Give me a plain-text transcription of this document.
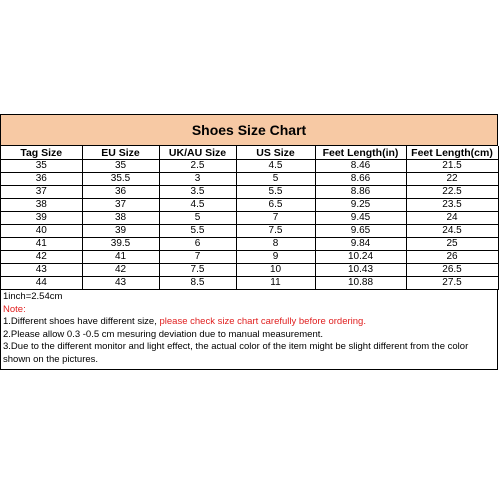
Shoes Size Chart
Tag Size	EU Size	UK/AU Size	US Size	Feet Length(in)	Feet Length(cm)
35	35	2.5	4.5	8.46	21.5
36	35.5	3	5	8.66	22
37	36	3.5	5.5	8.86	22.5
38	37	4.5	6.5	9.25	23.5
39	38	5	7	9.45	24
40	39	5.5	7.5	9.65	24.5
41	39.5	6	8	9.84	25
42	41	7	9	10.24	26
43	42	7.5	10	10.43	26.5
44	43	8.5	11	10.88	27.5
1inch=2.54cm
Note:
1.Different shoes have different size, please check size chart carefully before ordering.
2.Please allow 0.3 -0.5 cm mesuring deviation due to manual measurement.
3.Due to the different monitor and light effect, the actual color of the item might be slight different from the color shown on the pictures.
